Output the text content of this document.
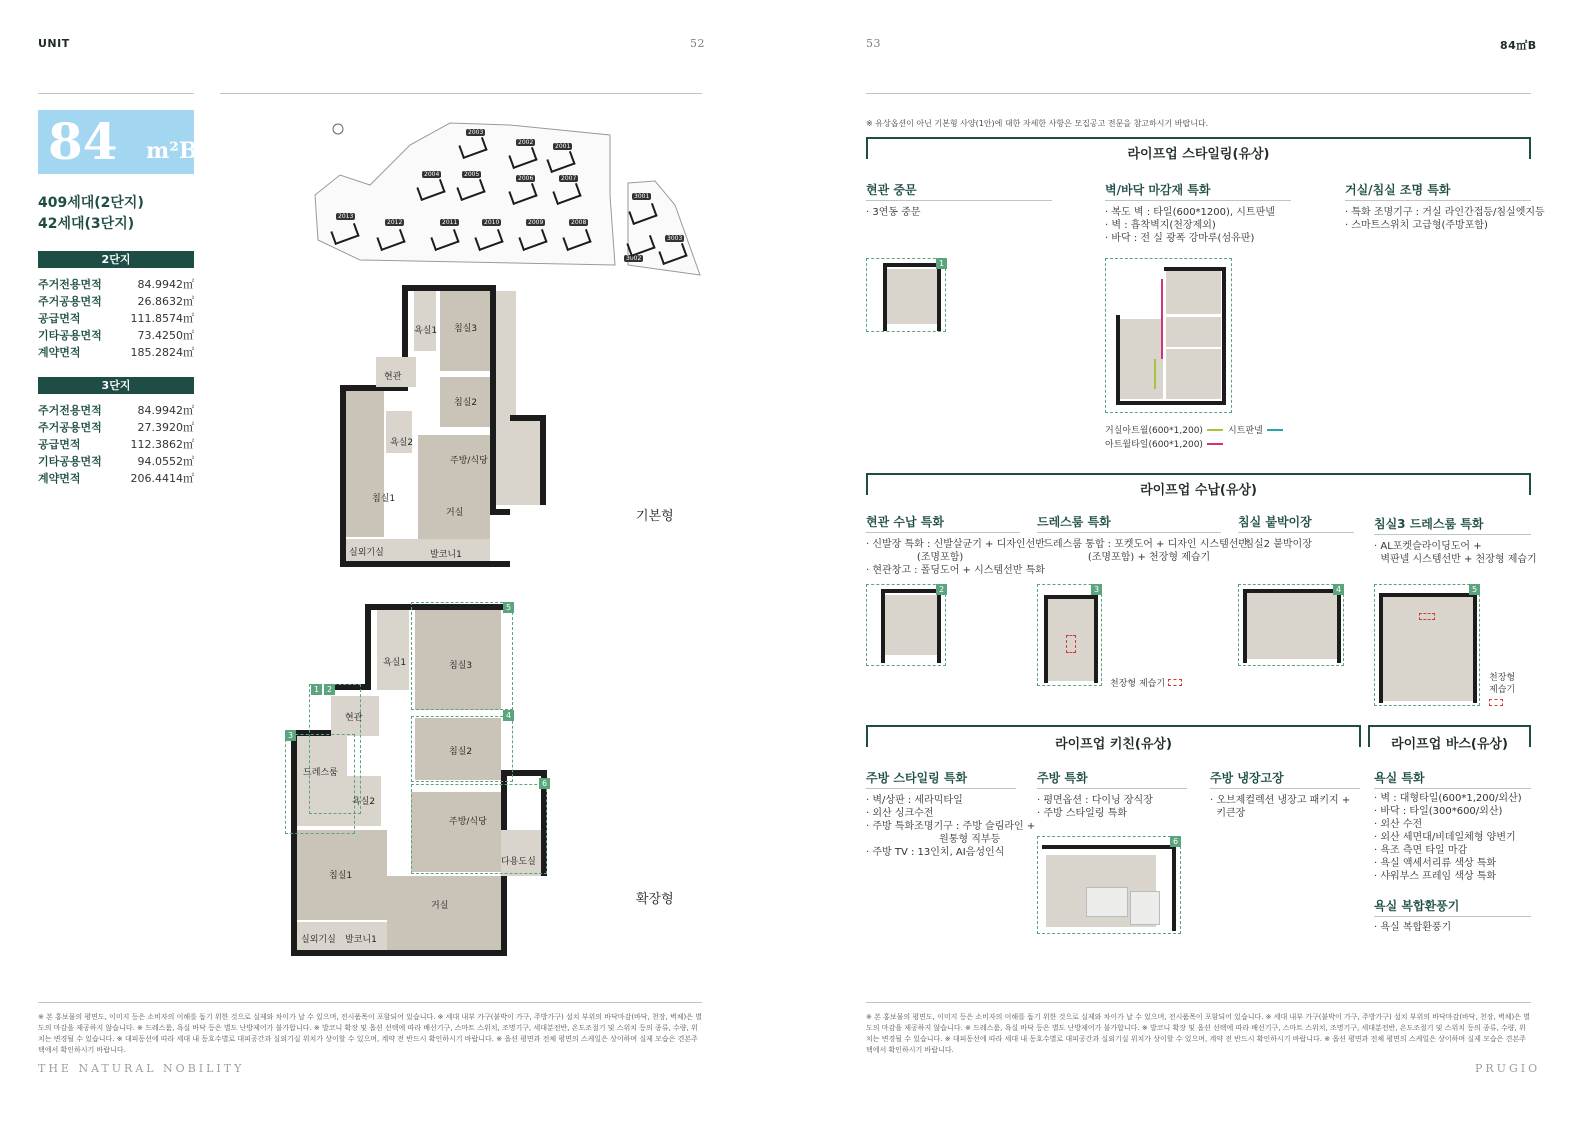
UNIT	52
84 m²B
409세대(2단지)
42세대(3단지)
2단지
주거전용면적	84.9942㎡
주거공용면적	26.8632㎡
공급면적	111.8574㎡
기타공용면적	73.4250㎡
계약면적	185.2824㎡
3단지
주거전용면적	84.9942㎡
주거공용면적	27.3920㎡
공급면적	112.3862㎡
기타공용면적	94.0552㎡
계약면적	206.4414㎡
2003
2002
2001
2004	2005
2006	2007
2013
2012	2011	2010	2009	2008
3001
3003
3002
욕실1 침실3
현관
침실2
욕실2
주방/식당
침실1
거실
실외기실	발코니1
기본형
1 2
3
4
5
6
욕실1	침실3
현관
침실2
드레스룸
욕실2
주방/식당
다용도실
침실1
거실
실외기실 발코니1
확장형
※ 본 홍보물의 평면도, 이미지 등은 소비자의 이해를 돕기 위한 것으로 실제와 차이가 날 수 있으며, 전시품목이 포함되어 있습니다. ※ 세대 내부 가구(붙박이 가구, 주방가구) 설치 부위의 바닥마감(바닥, 천장, 벽체)은 별도의 마감을 제공하지 않습니다. ※ 드레스룸, 욕실 바닥 등은 별도 난방제어가 불가합니다. ※ 발코니 확장 및 옵션 선택에 따라 배선기구, 스마트 스위치, 조명기구, 세대분전반, 온도조절기 및 스위치 등의 종류, 수량, 위치는 변경될 수 있습니다. ※ 대피동선에 따라 세대 내 동호수별로 대피공간과 실외기실 위치가 상이할 수 있으며, 계약 전 반드시 확인하시기 바랍니다. ※ 옵션 평면과 전체 평면의 스케일은 상이하며 실제 모습은 견본주택에서 확인하시기 바랍니다.
THE NATURAL NOBILITY
53	84㎡B
※ 유상옵션이 아닌 기본형 사양(1안)에 대한 자세한 사항은 모집공고 전문을 참고하시기 바랍니다.
라이프업 스타일링(유상)
현관 중문
· 3연동 중문
벽/바닥 마감재 특화
· 복도 벽 : 타일(600*1200), 시트판넬
· 벽 : 흡착벽지(천장제외)
· 바닥 : 전 실 광폭 강마루(섬유판)
거실/침실 조명 특화
· 특화 조명기구 : 거실 라인간접등/침실엣지등
· 스마트스위치 고급형(주방포함)
1
거실아트월(600*1,200)	시트판넬
아트월타일(600*1,200)
라이프업 수납(유상)
현관 수납 특화
· 신발장 특화 : 신발살균기 + 디자인선반
(조명포함)
· 현관창고 : 폴딩도어 + 시스템선반 특화
드레스룸 특화
· 드레스룸 통합 : 포켓도어 + 디자인 시스템선반
(조명포함) + 천장형 제습기
침실 붙박이장
· 침실2 붙박이장
침실3 드레스룸 특화
· AL포켓슬라이딩도어 +
벽판넬 시스템선반 + 천장형 제습기
2	3
천장형 제습기
4	5
천장형
제습기
라이프업 키친(유상)
주방 스타일링 특화
· 벽/상판 : 세라믹타일
· 외산 싱크수전
· 주방 특화조명기구 : 주방 슬림라인 +
원통형 직부등
· 주방 TV : 13인치, AI음성인식
주방 특화
· 평면옵션 : 다이닝 장식장
· 주방 스타일링 특화
주방 냉장고장
· 오브제컬렉션 냉장고 패키지 +
키큰장
6
라이프업 바스(유상)
욕실 특화
· 벽 : 대형타일(600*1,200/외산)
· 바닥 : 타일(300*600/외산)
· 외산 수전
· 외산 세면대/비데일체형 양변기
· 욕조 측면 타일 마감
· 욕실 액세서리류 색상 특화
· 샤워부스 프레임 색상 특화
욕실 복합환풍기
· 욕실 복합환풍기
※ 본 홍보물의 평면도, 이미지 등은 소비자의 이해를 돕기 위한 것으로 실제와 차이가 날 수 있으며, 전시품목이 포함되어 있습니다. ※ 세대 내부 가구(붙박이 가구, 주방가구) 설치 부위의 바닥마감(바닥, 천장, 벽체)은 별도의 마감을 제공하지 않습니다. ※ 드레스룸, 욕실 바닥 등은 별도 난방제어가 불가합니다. ※ 발코니 확장 및 옵션 선택에 따라 배선기구, 스마트 스위치, 조명기구, 세대분전반, 온도조절기 및 스위치 등의 종류, 수량, 위치는 변경될 수 있습니다. ※ 대피동선에 따라 세대 내 동호수별로 대피공간과 실외기실 위치가 상이할 수 있으며, 계약 전 반드시 확인하시기 바랍니다. ※ 옵션 평면과 전체 평면의 스케일은 상이하며 실제 모습은 견본주택에서 확인하시기 바랍니다.
PRUGIO
